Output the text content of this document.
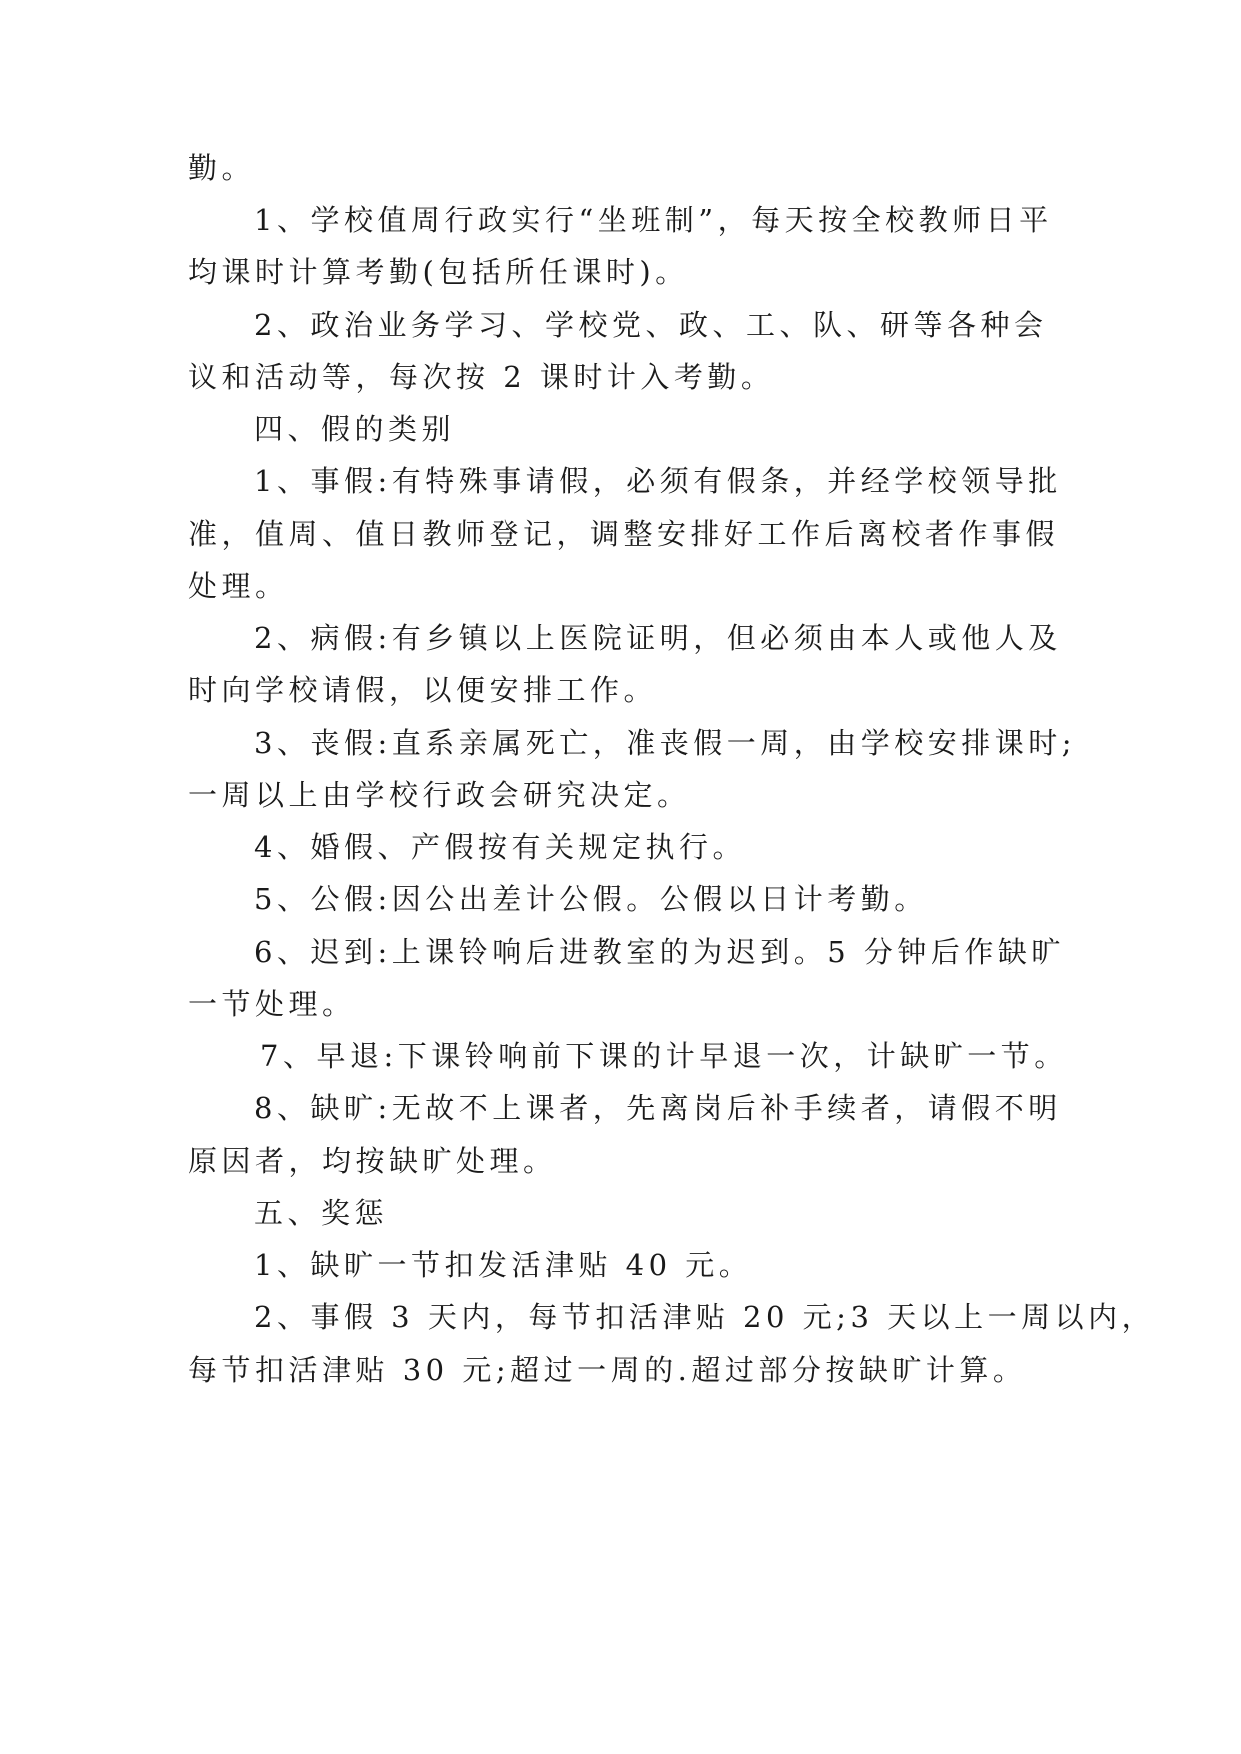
勤。
1、学校值周行政实行“坐班制”，每天按全校教师日平
均课时计算考勤(包括所任课时)。
2、政治业务学习、学校党、政、工、队、研等各种会
议和活动等，每次按 2 课时计入考勤。
四、假的类别
1、事假:有特殊事请假，必须有假条，并经学校领导批
准，值周、值日教师登记，调整安排好工作后离校者作事假
处理。
2、病假:有乡镇以上医院证明，但必须由本人或他人及
时向学校请假，以便安排工作。
3、丧假:直系亲属死亡，准丧假一周，由学校安排课时;
一周以上由学校行政会研究决定。
4、婚假、产假按有关规定执行。
5、公假:因公出差计公假。公假以日计考勤。
6、迟到:上课铃响后进教室的为迟到。5 分钟后作缺旷
一节处理。
7、早退:下课铃响前下课的计早退一次，计缺旷一节。
8、缺旷:无故不上课者，先离岗后补手续者，请假不明
原因者，均按缺旷处理。
五、奖惩
1、缺旷一节扣发活津贴 40 元。
2、事假 3 天内，每节扣活津贴 20 元;3 天以上一周以内，
每节扣活津贴 30 元;超过一周的.超过部分按缺旷计算。
